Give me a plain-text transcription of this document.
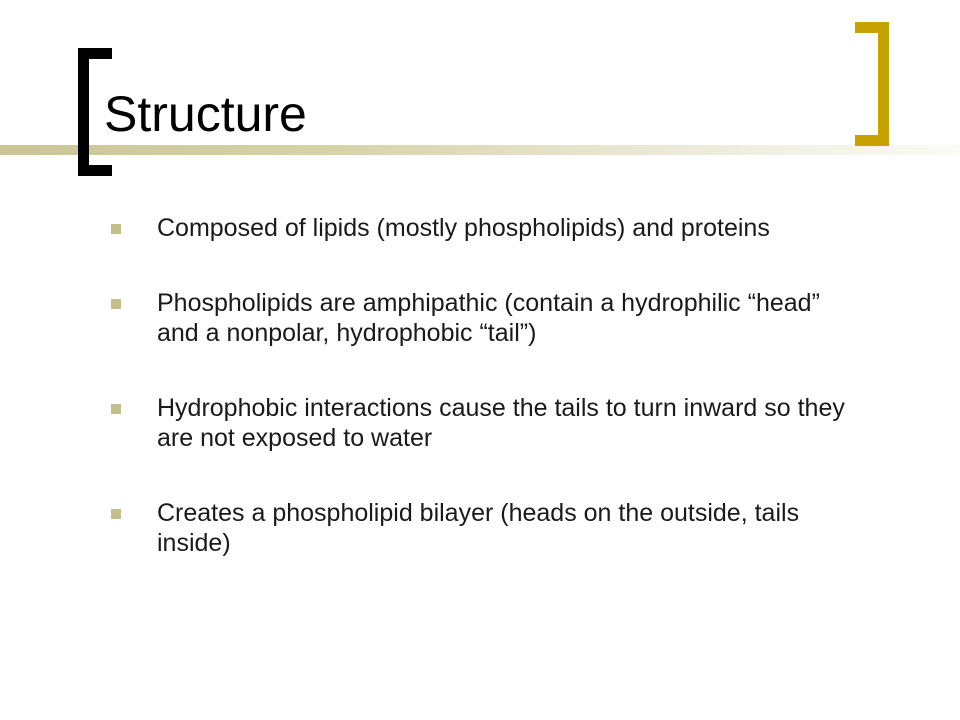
Structure
Composed of lipids (mostly phospholipids) and proteins
Phospholipids are amphipathic (contain a hydrophilic “head” and a nonpolar, hydrophobic “tail”)
Hydrophobic interactions cause the tails to turn inward so they are not exposed to water
Creates a phospholipid bilayer (heads on the outside, tails inside)
